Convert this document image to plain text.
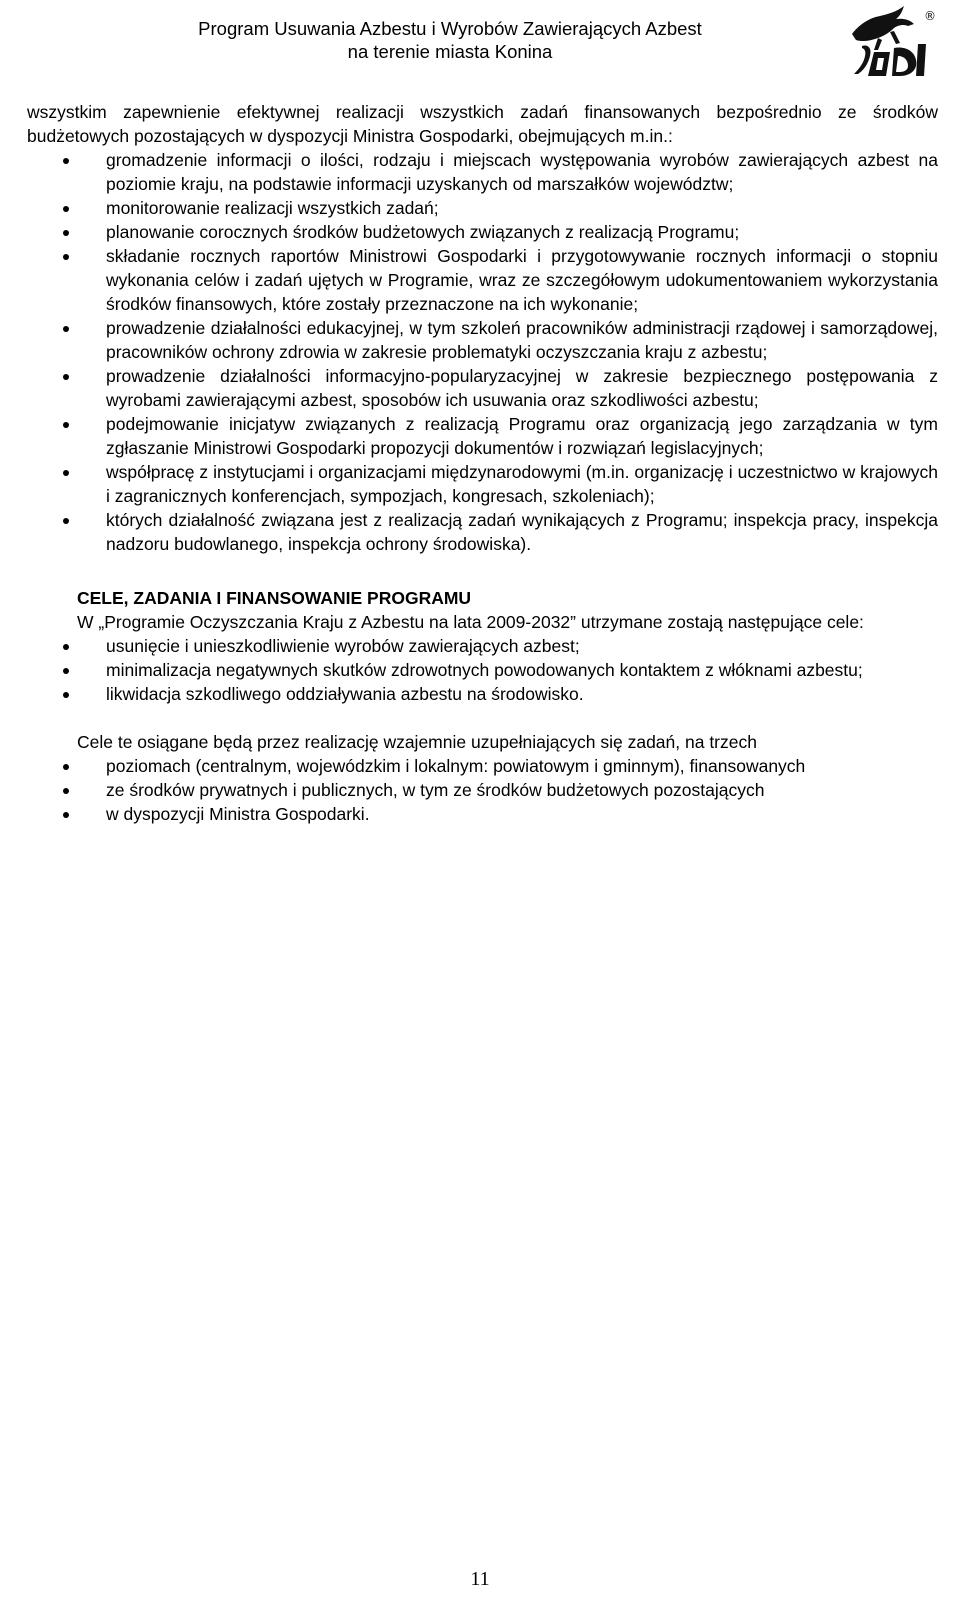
Program Usuwania Azbestu i Wyrobów Zawierających Azbest
na terenie miasta Konina
®

wszystkim zapewnienie efektywnej realizacji wszystkich zadań finansowanych bezpośrednio ze środków budżetowych pozostających w dyspozycji Ministra Gospodarki, obejmujących m.in.:

gromadzenie informacji o ilości, rodzaju i miejscach występowania wyrobów zawierających azbest na poziomie kraju, na podstawie informacji uzyskanych od marszałków województw;
monitorowanie realizacji wszystkich zadań;
planowanie corocznych środków budżetowych związanych z realizacją Programu;
składanie rocznych raportów Ministrowi Gospodarki i przygotowywanie rocznych informacji o stopniu wykonania celów i zadań ujętych w Programie, wraz ze szczegółowym udokumentowaniem wykorzystania środków finansowych, które zostały przeznaczone na ich wykonanie;
prowadzenie działalności edukacyjnej, w tym szkoleń pracowników administracji rządowej i samorządowej, pracowników ochrony zdrowia w zakresie problematyki oczyszczania kraju z azbestu;
prowadzenie działalności informacyjno-popularyzacyjnej w zakresie bezpiecznego postępowania z wyrobami zawierającymi azbest, sposobów ich usuwania oraz szkodliwości azbestu;
podejmowanie inicjatyw związanych z realizacją Programu oraz organizacją jego zarządzania w tym zgłaszanie Ministrowi Gospodarki propozycji dokumentów i rozwiązań legislacyjnych;
współpracę z instytucjami i organizacjami międzynarodowymi (m.in. organizację i uczestnictwo w krajowych i zagranicznych konferencjach, sympozjach, kongresach, szkoleniach);
których działalność związana jest z realizacją zadań wynikających z Programu; inspekcja pracy, inspekcja nadzoru budowlanego, inspekcja ochrony środowiska).

CELE, ZADANIA I FINANSOWANIE PROGRAMU

W „Programie Oczyszczania Kraju z Azbestu na lata 2009-2032” utrzymane zostają następujące cele:

usunięcie i unieszkodliwienie wyrobów zawierających azbest;
minimalizacja negatywnych skutków zdrowotnych powodowanych kontaktem z włóknami azbestu;
likwidacja szkodliwego oddziaływania azbestu na środowisko.

Cele te osiągane będą przez realizację wzajemnie uzupełniających się zadań, na trzech

poziomach (centralnym, wojewódzkim i lokalnym: powiatowym i gminnym), finansowanych
ze środków prywatnych i publicznych, w tym ze środków budżetowych pozostających
w dyspozycji Ministra Gospodarki.
11
